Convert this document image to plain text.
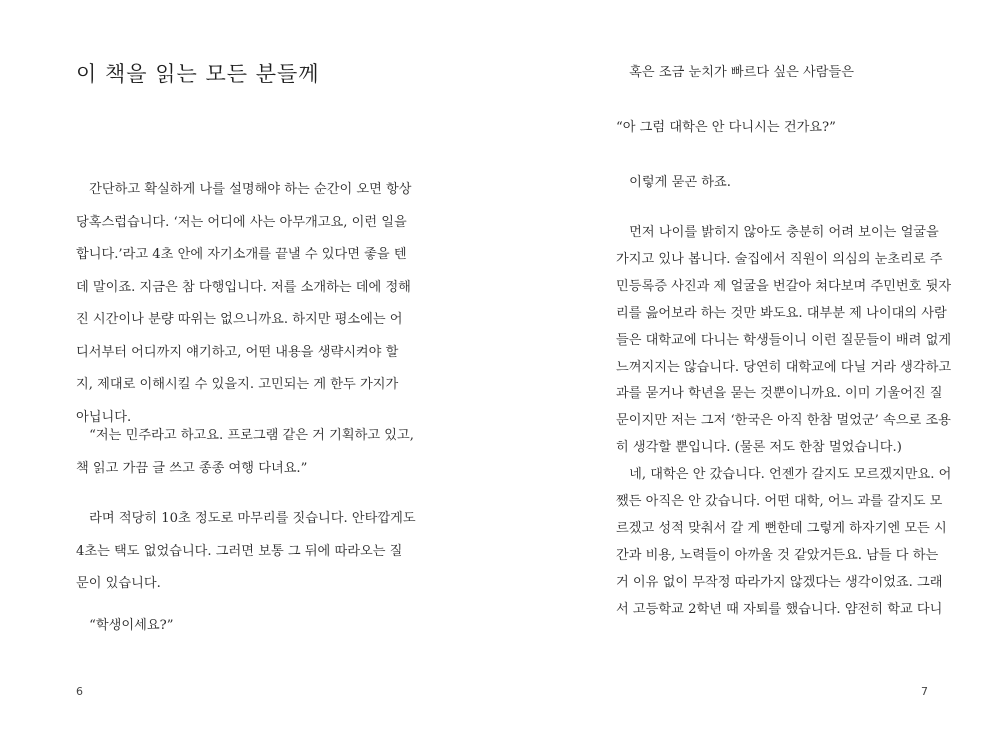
이 책을 읽는 모든 분들께
　간단하고 확실하게 나를 설명해야 하는 순간이 오면 항상
당혹스럽습니다. ‘저는 어디에 사는 아무개고요, 이런 일을
합니다.’라고 4초 안에 자기소개를 끝낼 수 있다면 좋을 텐
데 말이죠. 지금은 참 다행입니다. 저를 소개하는 데에 정해
진 시간이나 분량 따위는 없으니까요. 하지만 평소에는 어
디서부터 어디까지 얘기하고, 어떤 내용을 생략시켜야 할
지, 제대로 이해시킬 수 있을지. 고민되는 게 한두 가지가
아닙니다.
　“저는 민주라고 하고요. 프로그램 같은 거 기획하고 있고,
책 읽고 가끔 글 쓰고 종종 여행 다녀요.”
　라며 적당히 10초 정도로 마무리를 짓습니다. 안타깝게도
4초는 택도 없었습니다. 그러면 보통 그 뒤에 따라오는 질
문이 있습니다.
　“학생이세요?”
6
　혹은 조금 눈치가 빠르다 싶은 사람들은
“아 그럼 대학은 안 다니시는 건가요?”
　이렇게 묻곤 하죠.
　먼저 나이를 밝히지 않아도 충분히 어려 보이는 얼굴을
가지고 있나 봅니다. 술집에서 직원이 의심의 눈초리로 주
민등록증 사진과 제 얼굴을 번갈아 쳐다보며 주민번호 뒷자
리를 읊어보라 하는 것만 봐도요. 대부분 제 나이대의 사람
들은 대학교에 다니는 학생들이니 이런 질문들이 배려 없게
느껴지지는 않습니다. 당연히 대학교에 다닐 거라 생각하고
과를 묻거나 학년을 묻는 것뿐이니까요. 이미 기울어진 질
문이지만 저는 그저 ‘한국은 아직 한참 멀었군’ 속으로 조용
히 생각할 뿐입니다. (물론 저도 한참 멀었습니다.)
　네, 대학은 안 갔습니다. 언젠가 갈지도 모르겠지만요. 어
쨌든 아직은 안 갔습니다. 어떤 대학, 어느 과를 갈지도 모
르겠고 성적 맞춰서 갈 게 뻔한데 그렇게 하자기엔 모든 시
간과 비용, 노력들이 아까울 것 같았거든요. 남들 다 하는
거 이유 없이 무작정 따라가지 않겠다는 생각이었죠. 그래
서 고등학교 2학년 때 자퇴를 했습니다. 얌전히 학교 다니
7
